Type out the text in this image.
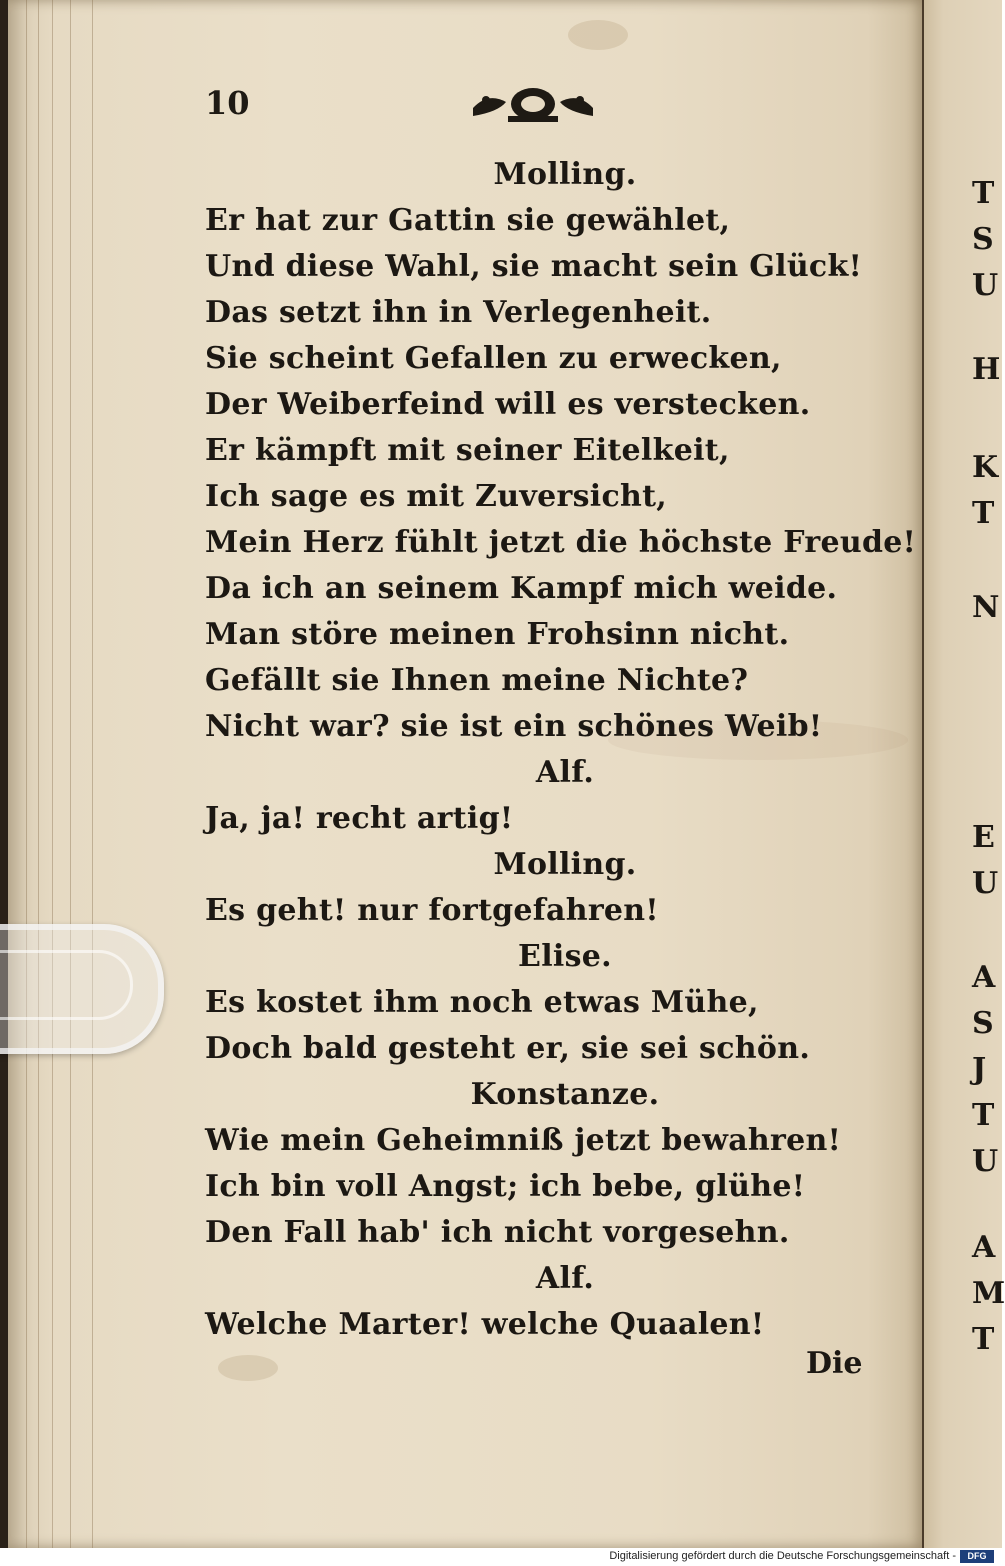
10
Molling.
Er hat zur Gattin sie gewählet,
Und diese Wahl, sie macht sein Glück!
Das setzt ihn in Verlegenheit.
Sie scheint Gefallen zu erwecken,
Der Weiberfeind will es verstecken.
Er kämpft mit seiner Eitelkeit,
Ich sage es mit Zuversicht,
Mein Herz fühlt jetzt die höchste Freude!
Da ich an seinem Kampf mich weide.
Man störe meinen Frohsinn nicht.
Gefällt sie Ihnen meine Nichte?
Nicht war? sie ist ein schönes Weib!
Alf.
Ja, ja! recht artig!
Molling.
Es geht! nur fortgefahren!
Elise.
Es kostet ihm noch etwas Mühe,
Doch bald gesteht er, sie sei schön.
Konstanze.
Wie mein Geheimniß jetzt bewahren!
Ich bin voll Angst; ich bebe, glühe!
Den Fall hab' ich nicht vorgesehn.
Alf.
Welche Marter! welche Quaalen!
Die
T
S
U
H
K
T
N
E
U
A
S
J
T
U
A
M
T
Digitalisierung gefördert durch die Deutsche Forschungsgemeinschaft -	DFG
